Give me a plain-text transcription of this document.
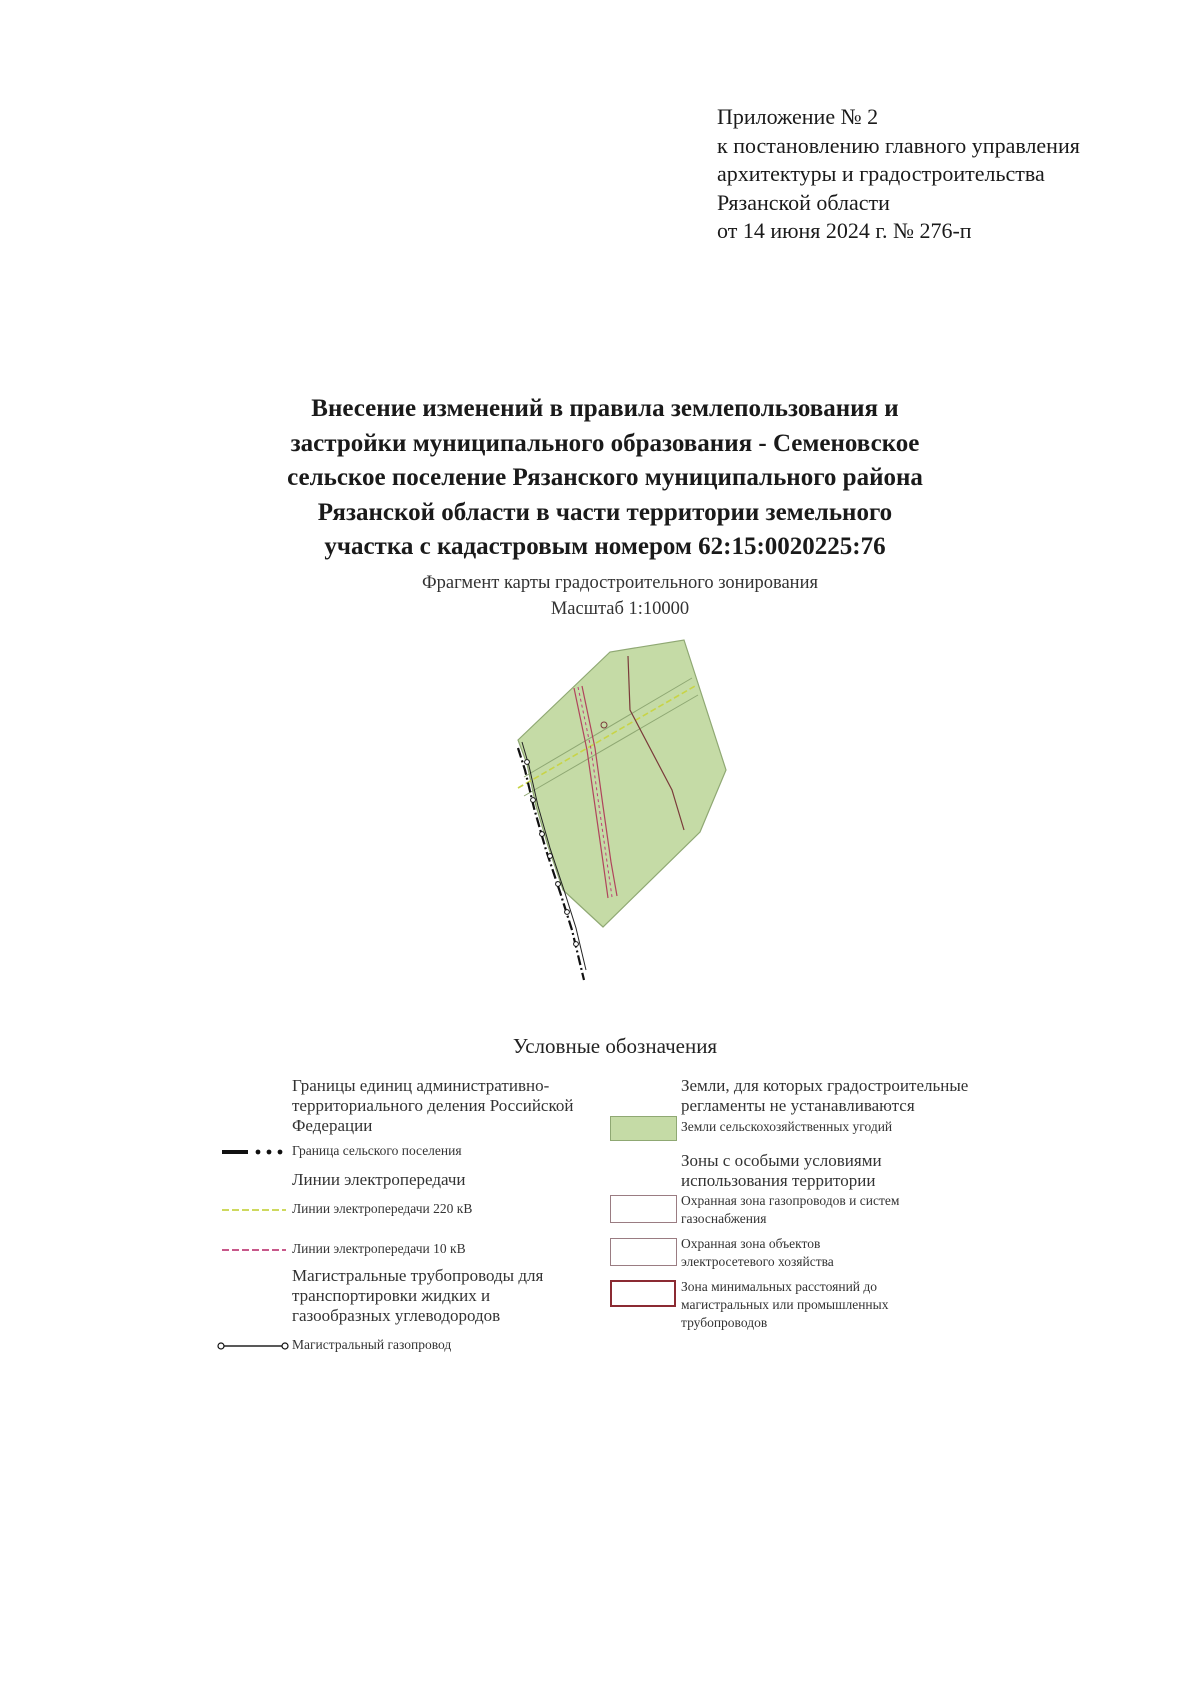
Приложение № 2
к постановлению главного управления
архитектуры и градостроительства
Рязанской области
от 14 июня 2024 г. № 276-п
Внесение изменений в правила землепользования и
застройки муниципального образования - Семеновское
сельское поселение Рязанского муниципального района
Рязанской области в части территории земельного
участка с кадастровым номером 62:15:0020225:76
Фрагмент карты градостроительного зонирования
Масштаб 1:10000
Условные обозначения
Границы единиц административно-территориального деления Российской Федерации
Граница сельского поселения
Линии электропередачи
Линии электропередачи 220 кВ
Линии электропередачи 10 кВ
Магистральные трубопроводы для транспортировки жидких и газообразных углеводородов
Магистральный газопровод
Земли, для которых градостроительные регламенты не устанавливаются
Земли сельскохозяйственных угодий
Зоны с особыми условиями использования территории
Охранная зона газопроводов и систем газоснабжения
Охранная зона объектов электросетевого хозяйства
Зона минимальных расстояний до магистральных или промышленных трубопроводов
